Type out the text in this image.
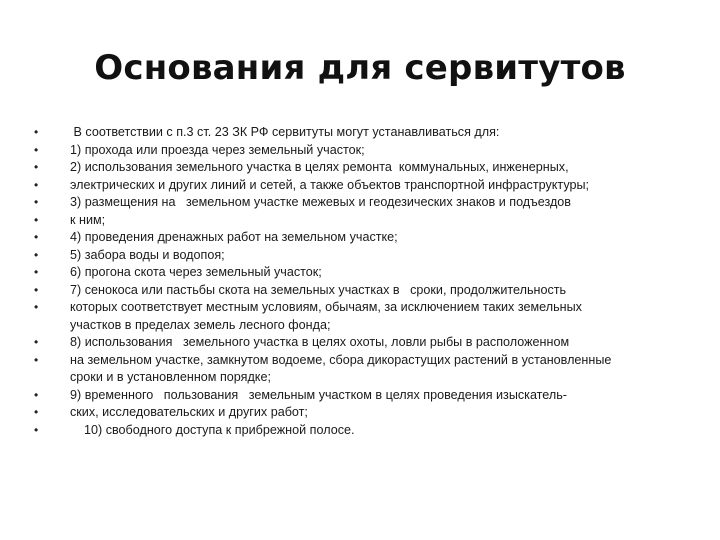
Основания для сервитутов
•	В соответствии с п.3 ст. 23 ЗК РФ сервитуты могут устанавливаться для:
•	1) прохода или проезда через земельный участок;
•	2) использования земельного участка в целях ремонта  коммунальных, инженерных,
•	электрических и других линий и сетей, а также объектов транспортной инфраструктуры;
•	3) размещения на   земельном участке межевых и геодезических знаков и подъездов
•	к ним;
•	4) проведения дренажных работ на земельном участке;
•	5) забора воды и водопоя;
•	6) прогона скота через земельный участок;
•	7) сенокоса или пастьбы скота на земельных участках в   сроки, продолжительность
•	которых соответствует местным условиям, обычаям, за исключением таких земельных
участков в пределах земель лесного фонда;
•	8) использования   земельного участка в целях охоты, ловли рыбы в расположенном
•	на земельном участке, замкнутом водоеме, сбора дикорастущих растений в установленные
сроки и в установленном порядке;
•	9) временного   пользования   земельным участком в целях проведения изыскатель-
•	ских, исследовательских и других работ;
•	10) свободного доступа к прибрежной полосе.
